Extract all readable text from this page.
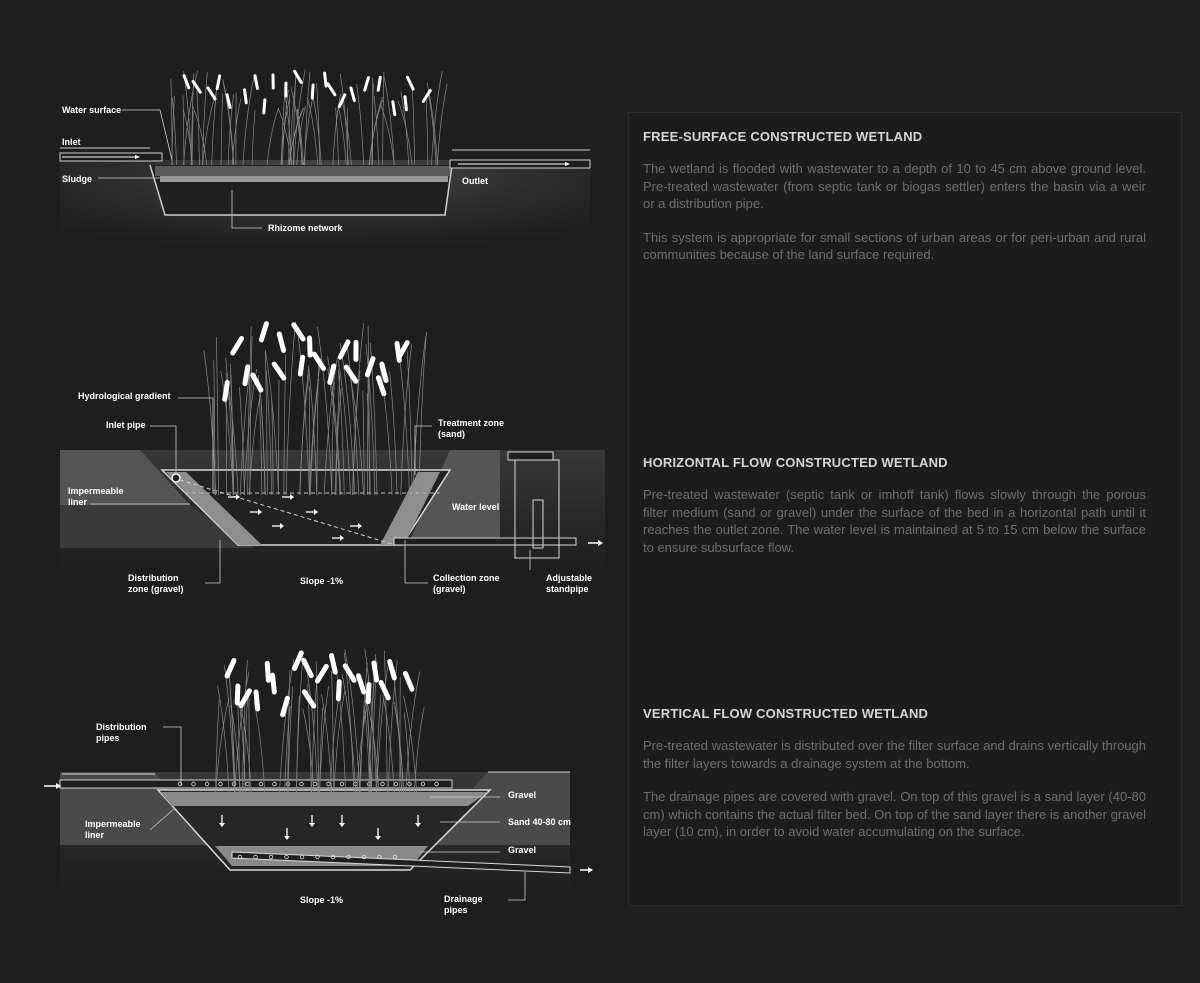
Water surface
Inlet
Sludge	Outlet
Rhizome network
Hydrological gradient
Inlet pipe
Impermeable
liner
Treatment zone
(sand)
Water level
Distribution
zone (gravel)
Slope -1%	Collection zone
(gravel)
Adjustable
standpipe
Distribution
pipes
Impermeable
liner
Gravel
Sand 40-80 cm
Gravel
Slope -1%	Drainage
pipes
FREE-SURFACE CONSTRUCTED WETLAND

The wetland is flooded with wastewater to a depth of 10 to 45 cm above ground level. Pre-treated wastewater (from septic tank or biogas settler) enters the basin via a weir or a distribution pipe.

This system is appropriate for small sections of urban areas or for peri-urban and rural communities because of the land surface required.

HORIZONTAL FLOW CONSTRUCTED WETLAND

Pre-treated wastewater (septic tank or imhoff tank) flows slowly through the porous filter medium (sand or gravel) under the surface of the bed in a horizontal path until it reaches the outlet zone. The water level is maintained at 5 to 15 cm below the surface to ensure subsurface flow.

VERTICAL FLOW CONSTRUCTED WETLAND

Pre-treated wastewater is distributed over the filter surface and drains vertically through the filter layers towards a drainage system at the bottom.

The drainage pipes are covered with gravel. On top of this gravel is a sand layer (40-80 cm) which contains the actual filter bed. On top of the sand layer there is another gravel layer (10 cm), in order to avoid water accumulating on the surface.
